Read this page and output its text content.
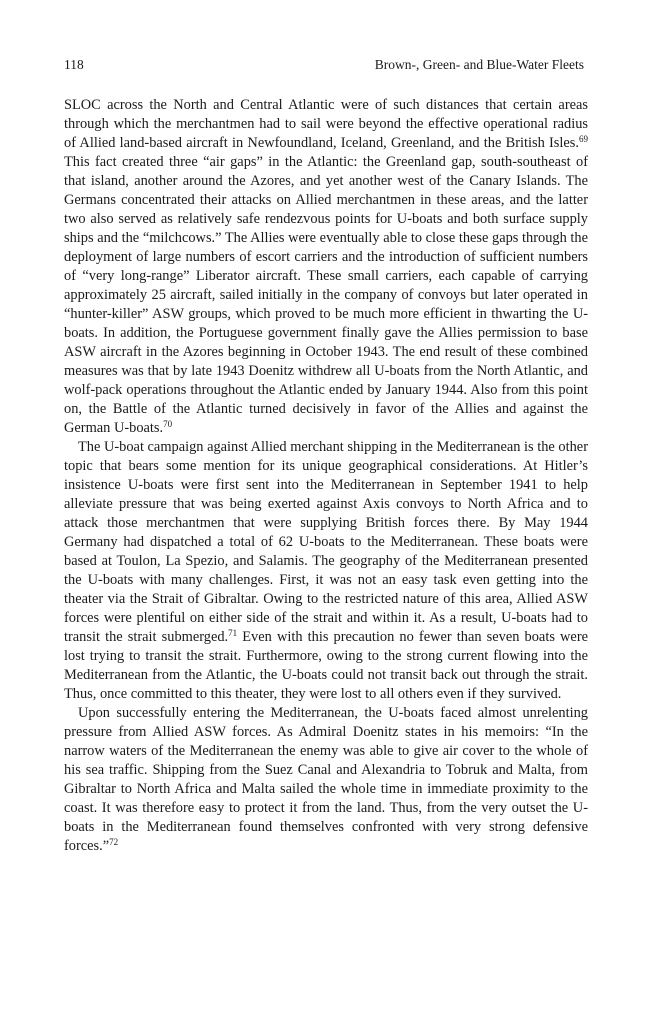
118	Brown-, Green- and Blue-Water Fleets

SLOC across the North and Central Atlantic were of such distances that certain areas through which the merchantmen had to sail were beyond the effective operational radius of Allied land-based aircraft in Newfoundland, Iceland, Greenland, and the British Isles.$^{69}$ This fact created three “air gaps” in the Atlantic: the Greenland gap, south-southeast of that island, another around the Azores, and yet another west of the Canary Islands. The Germans concentrated their attacks on Allied merchantmen in these areas, and the latter two also served as relatively safe rendezvous points for U-boats and both surface supply ships and the “milchcows.” The Allies were eventually able to close these gaps through the deployment of large numbers of escort carriers and the introduction of sufficient numbers of “very long-range” Liberator aircraft. These small carriers, each capable of carrying approximately 25 aircraft, sailed initially in the company of convoys but later operated in “hunter-killer” ASW groups, which proved to be much more efficient in thwarting the U-boats. In addition, the Portuguese government finally gave the Allies permission to base ASW aircraft in the Azores beginning in October 1943. The end result of these combined measures was that by late 1943 Doenitz withdrew all U-boats from the North Atlantic, and wolf-pack operations throughout the Atlantic ended by January 1944. Also from this point on, the Battle of the Atlantic turned decisively in favor of the Allies and against the German U-boats.$^{70}$

The U-boat campaign against Allied merchant shipping in the Mediterranean is the other topic that bears some mention for its unique geographical considerations. At Hitler’s insistence U-boats were first sent into the Mediterranean in September 1941 to help alleviate pressure that was being exerted against Axis convoys to North Africa and to attack those merchantmen that were supplying British forces there. By May 1944 Germany had dispatched a total of 62 U-boats to the Mediterranean. These boats were based at Toulon, La Spezio, and Salamis. The geography of the Mediterranean presented the U-boats with many challenges. First, it was not an easy task even getting into the theater via the Strait of Gibraltar. Owing to the restricted nature of this area, Allied ASW forces were plentiful on either side of the strait and within it. As a result, U-boats had to transit the strait submerged.$^{71}$ Even with this precaution no fewer than seven boats were lost trying to transit the strait. Furthermore, owing to the strong current flowing into the Mediterranean from the Atlantic, the U-boats could not transit back out through the strait. Thus, once committed to this theater, they were lost to all others even if they survived.

Upon successfully entering the Mediterranean, the U-boats faced almost unrelenting pressure from Allied ASW forces. As Admiral Doenitz states in his memoirs: “In the narrow waters of the Mediterranean the enemy was able to give air cover to the whole of his sea traffic. Shipping from the Suez Canal and Alexandria to Tobruk and Malta, from Gibraltar to North Africa and Malta sailed the whole time in immediate proximity to the coast. It was therefore easy to protect it from the land. Thus, from the very outset the U-boats in the Mediterranean found themselves confronted with very strong defensive forces.”$^{72}$
